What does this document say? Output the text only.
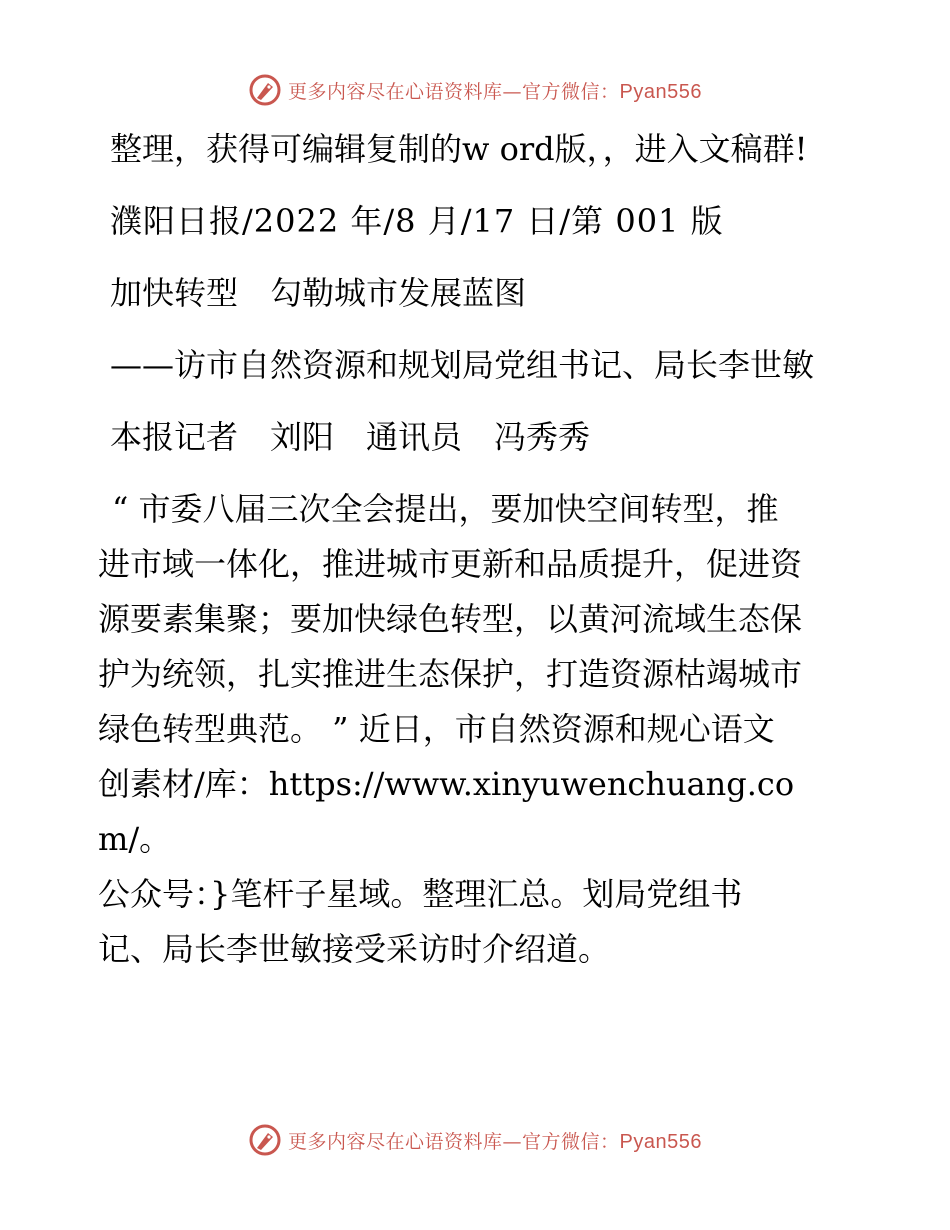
更多内容尽在心语资料库—官方微信：Pyan556

整理，获得可编辑复制的w ord版，，进入文稿群!

濮阳日报/2022 年/8 月/17 日/第 001 版

加快转型　勾勒城市发展蓝图

——访市自然资源和规划局党组书记、局长李世敏

本报记者　刘阳　通讯员　冯秀秀

“ 市委八届三次全会提出，要加快空间转型，推
进市域一体化，推进城市更新和品质提升，促进资
源要素集聚；要加快绿色转型，以黄河流域生态保
护为统领，扎实推进生态保护，打造资源枯竭城市
绿色转型典范。 ” 近日，市自然资源和规心语文
创素材/库：https://www.xinyuwenchuang.com/。
公众号：}笔杆子星域。整理汇总。划局党组书
记、局长李世敏接受采访时介绍道。

更多内容尽在心语资料库—官方微信：Pyan556
